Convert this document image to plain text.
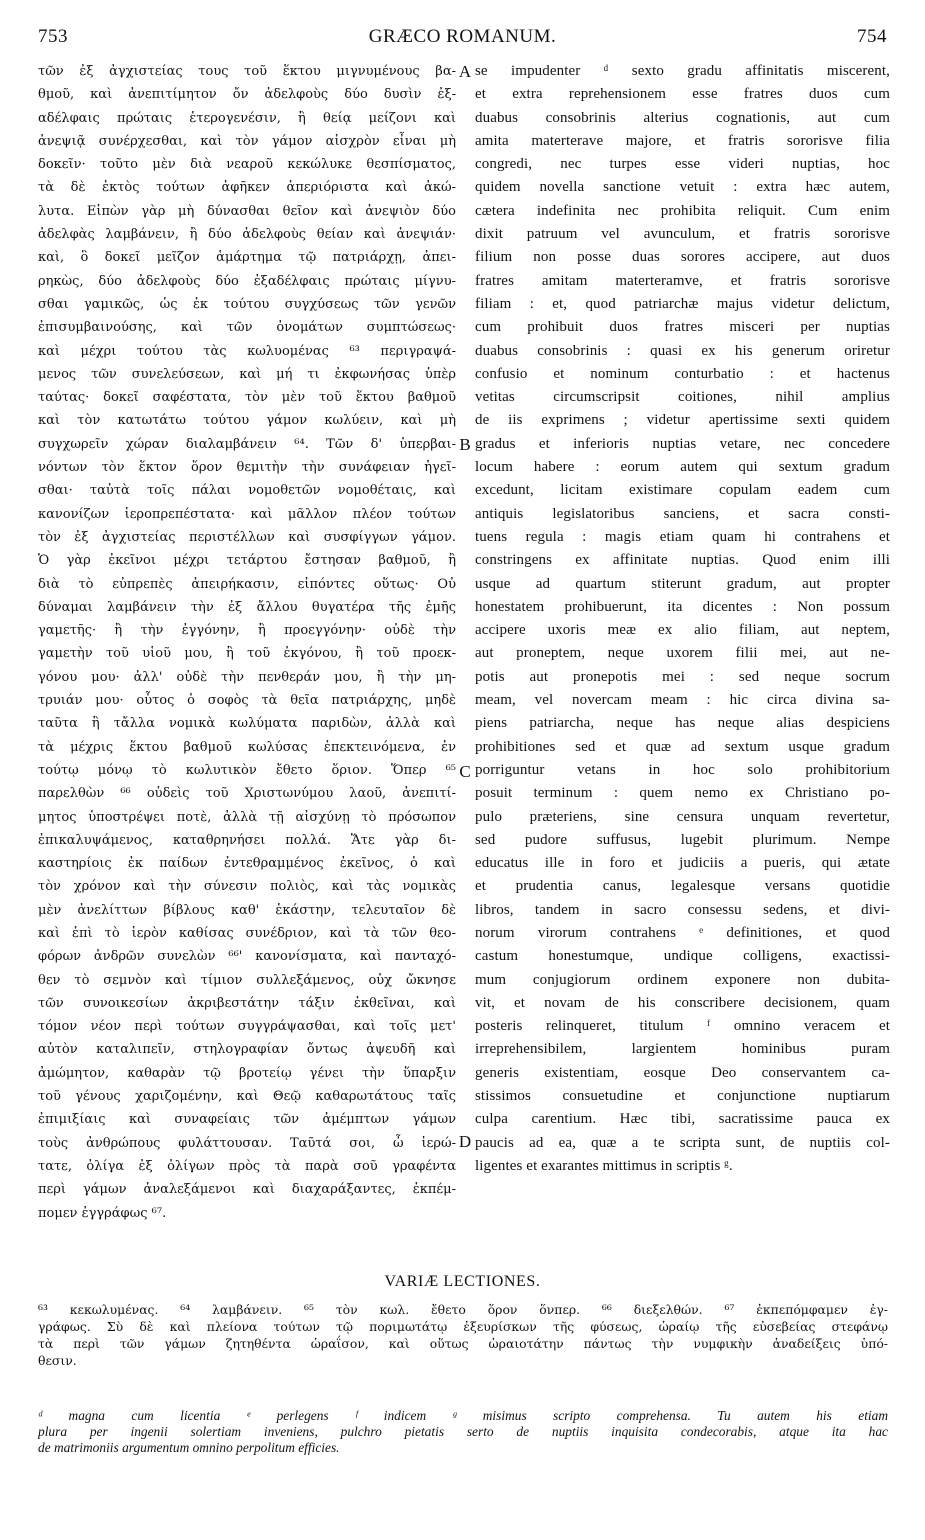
753	GRÆCO ROMANUM.	754
τῶν ἐξ ἀγχιστείας τους τοῦ ἕκτου μιγνυμένους βα-
θμοῦ, καὶ ἀνεπιτίμητον ὄν ἀδελφοὺς δύο δυσὶν ἐξ-
αδέλφαις πρώταις ἑτερογενέσιν, ἢ θείᾳ μείζονι καὶ
ἀνεψιᾷ συνέρχεσθαι, καὶ τὸν γάμον αἰσχρὸν εἶναι μὴ
δοκεῖν· τοῦτο μὲν διὰ νεαροῦ κεκώλυκε θεσπίσματος,
τὰ δὲ ἐκτὸς τούτων ἀφῆκεν ἀπεριόριστα καὶ ἀκώ-
λυτα. Εἰπὼν γὰρ μὴ δύνασθαι θεῖον καὶ ἀνεψιὸν δύο
ἀδελφὰς λαμβάνειν, ἢ δύο ἀδελφοὺς θείαν καὶ ἀνεψιάν·
καὶ, ὃ δοκεῖ μεῖζον ἁμάρτημα τῷ πατριάρχῃ, ἀπει-
ρηκὼς, δύο ἀδελφοὺς δύο ἐξαδέλφαις πρώταις μίγνυ-
σθαι γαμικῶς, ὡς ἐκ τούτου συγχύσεως τῶν γενῶν
ἐπισυμβαινούσης, καὶ τῶν ὀνομάτων συμπτώσεως·
καὶ μέχρι τούτου τὰς κωλυομένας ⁶³ περιγραψά-
μενος τῶν συνελεύσεων, καὶ μή τι ἐκφωνήσας ὑπὲρ
ταύτας· δοκεῖ σαφέστατα, τὸν μὲν τοῦ ἕκτου βαθμοῦ
καὶ τὸν κατωτάτω τούτου γάμον κωλύειν, καὶ μὴ
συγχωρεῖν χώραν διαλαμβάνειν ⁶⁴. Τῶν δ' ὑπερβαι-
νόντων τὸν ἕκτον ὅρον θεμιτὴν τὴν συνάφειαν ἡγεῖ-
σθαι· ταὐτὰ τοῖς πάλαι νομοθετῶν νομοθέταις, καὶ
κανονίζων ἱεροπρεπέστατα· καὶ μᾶλλον πλέον τούτων
τὸν ἐξ ἀγχιστείας περιστέλλων καὶ συσφίγγων γάμον.
Ὁ γὰρ ἐκεῖνοι μέχρι τετάρτου ἔστησαν βαθμοῦ, ἢ
διὰ τὸ εὐπρεπὲς ἀπειρήκασιν, εἰπόντες οὕτως· Οὐ
δύναμαι λαμβάνειν τὴν ἐξ ἄλλου θυγατέρα τῆς ἐμῆς
γαμετῆς· ἢ τὴν ἐγγόνην, ἢ προεγγόνην· οὐδὲ τὴν
γαμετὴν τοῦ υἱοῦ μου, ἢ τοῦ ἐκγόνου, ἢ τοῦ προεκ-
γόνου μου· ἀλλ' οὐδὲ τὴν πενθεράν μου, ἢ τὴν μη-
τρυιάν μου· οὗτος ὁ σοφὸς τὰ θεῖα πατριάρχης, μηδὲ
ταῦτα ἢ τἄλλα νομικὰ κωλύματα παριδὼν, ἀλλὰ καὶ
τὰ μέχρις ἕκτου βαθμοῦ κωλύσας ἐπεκτεινόμενα, ἐν
τούτῳ μόνῳ τὸ κωλυτικὸν ἔθετο ὅριον. Ὅπερ ⁶⁵
παρελθὼν ⁶⁶ οὐδεὶς τοῦ Χριστωνύμου λαοῦ, ἀνεπιτί-
μητος ὑποστρέψει ποτὲ, ἀλλὰ τῇ αἰσχύνῃ τὸ πρόσωπον
ἐπικαλυψάμενος, καταθρηνήσει πολλά. Ἅτε γὰρ δι-
καστηρίοις ἐκ παίδων ἐντεθραμμένος ἐκεῖνος, ὁ καὶ
τὸν χρόνον καὶ τὴν σύνεσιν πολιὸς, καὶ τὰς νομικὰς
μὲν ἀνελίττων βίβλους καθ' ἑκάστην, τελευταῖον δὲ
καὶ ἐπὶ τὸ ἱερὸν καθίσας συνέδριον, καὶ τὰ τῶν θεο-
φόρων ἀνδρῶν συνελὼν ⁶⁶' κανονίσματα, καὶ πανταχό-
θεν τὸ σεμνὸν καὶ τίμιον συλλεξάμενος, οὐχ ὤκνησε
τῶν συνοικεσίων ἀκριβεστάτην τάξιν ἐκθεῖναι, καὶ
τόμον νέον περὶ τούτων συγγράψασθαι, καὶ τοῖς μετ'
αὐτὸν καταλιπεῖν, στηλογραφίαν ὄντως ἀψευδῆ καὶ
ἀμώμητον, καθαρὰν τῷ βροτείῳ γένει τὴν ὕπαρξιν
τοῦ γένους χαριζομένην, καὶ Θεῷ καθαρωτάτους ταῖς
ἐπιμιξίαις καὶ συναφείαις τῶν ἀμέμπτων γάμων
τοὺς ἀνθρώπους φυλάττουσαν. Ταῦτά σοι, ὦ ἱερώ-
τατε, ὀλίγα ἐξ ὀλίγων πρὸς τὰ παρὰ σοῦ γραφέντα
περὶ γάμων ἀναλεξάμενοι καὶ διαχαράξαντες, ἐκπέμ-
πομεν ἐγγράφως ⁶⁷.
A
B
C
D
se impudenter ᵈ sexto gradu affinitatis miscerent,
et extra reprehensionem esse fratres duos cum
duabus consobrinis alterius cognationis, aut cum
amita materterave majore, et fratris sororisve filia
congredi, nec turpes esse videri nuptias, hoc
quidem novella sanctione vetuit : extra hæc autem,
cætera indefinita nec prohibita reliquit. Cum enim
dixit patruum vel avunculum, et fratris sororisve
filium non posse duas sorores accipere, aut duos
fratres amitam materteramve, et fratris sororisve
filiam : et, quod patriarchæ majus videtur delictum,
cum prohibuit duos fratres misceri per nuptias
duabus consobrinis : quasi ex his generum oriretur
confusio et nominum conturbatio : et hactenus
vetitas circumscripsit coitiones, nihil amplius
de iis exprimens ; videtur apertissime sexti quidem
gradus et inferioris nuptias vetare, nec concedere
locum habere : eorum autem qui sextum gradum
excedunt, licitam existimare copulam eadem cum
antiquis legislatoribus sanciens, et sacra consti-
tuens regula : magis etiam quam hi contrahens et
constringens ex affinitate nuptias. Quod enim illi
usque ad quartum stiterunt gradum, aut propter
honestatem prohibuerunt, ita dicentes : Non possum
accipere uxoris meæ ex alio filiam, aut neptem,
aut proneptem, neque uxorem filii mei, aut ne-
potis aut pronepotis mei : sed neque socrum
meam, vel novercam meam : hic circa divina sa-
piens patriarcha, neque has neque alias despiciens
prohibitiones sed et quæ ad sextum usque gradum
porriguntur vetans in hoc solo prohibitorium
posuit terminum : quem nemo ex Christiano po-
pulo præteriens, sine censura unquam revertetur,
sed pudore suffusus, lugebit plurimum. Nempe
educatus ille in foro et judiciis a pueris, qui ætate
et prudentia canus, legalesque versans quotidie
libros, tandem in sacro consessu sedens, et divi-
norum virorum contrahens ᵉ definitiones, et quod
castum honestumque, undique colligens, exactissi-
mum conjugiorum ordinem exponere non dubita-
vit, et novam de his conscribere decisionem, quam
posteris relinqueret, titulum ᶠ omnino veracem et
irreprehensibilem, largientem hominibus puram
generis existentiam, eosque Deo conservantem ca-
stissimos consuetudine et conjunctione nuptiarum
culpa carentium. Hæc tibi, sacratissime pauca ex
paucis ad ea, quæ a te scripta sunt, de nuptiis col-
ligentes et exarantes mittimus in scriptis ᵍ.
VARIÆ LECTIONES.
⁶³ κεκωλυμένας. ⁶⁴ λαμβάνειν. ⁶⁵ τὸν κωλ. ἔθετο ὅρον ὅνπερ. ⁶⁶ διεξελθών. ⁶⁷ ἐκπεπόμφαμεν ἐγ-
γράφως. Σὺ δὲ καὶ πλείονα τούτων τῷ ποριμωτάτῳ ἐξευρίσκων τῆς φύσεως, ὡραίῳ τῆς εὐσεβείας στεφάνῳ
τὰ περὶ τῶν γάμων ζητηθέντα ὡραΐσον, καὶ οὕτως ὡραιοτάτην πάντως τὴν νυμφικὴν ἀναδείξεις ὑπό-
θεσιν.
ᵈ magna cum licentia ᵉ perlegens ᶠ indicem ᵍ misimus scripto comprehensa. Tu autem his etiam
plura per ingenii solertiam inveniens, pulchro pietatis serto de nuptiis inquisita condecorabis, atque ita hac
de matrimoniis argumentum omnino perpolitum efficies.
